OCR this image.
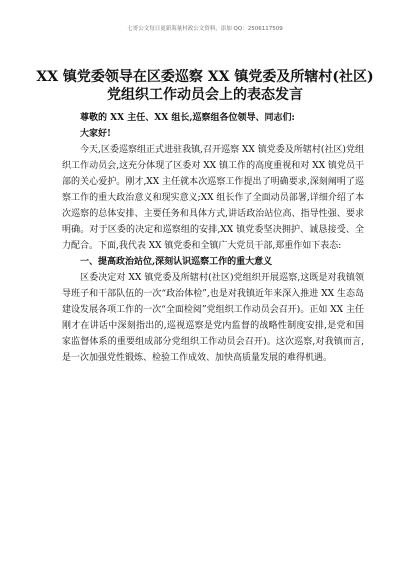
七哥公文每日更新海量村政公文资料，添加 QQ：2506117509
XX 镇党委领导在区委巡察 XX 镇党委及所辖村(社区)党组织工作动员会上的表态发言

尊敬的 XX 主任、XX 组长,巡察组各位领导、同志们:

大家好!

今天,区委巡察组正式进驻我镇,召开巡察 XX 镇党委及所辖村(社区)党组织工作动员会,这充分体现了区委对 XX 镇工作的高度重视和对 XX 镇党员干部的关心爱护。刚才,XX 主任就本次巡察工作提出了明确要求,深刻阐明了巡察工作的重大政治意义和现实意义;XX 组长作了全面动员部署,详细介绍了本次巡察的总体安排、主要任务和具体方式,讲话政治站位高、指导性强、要求明确。对于区委的决定和巡察组的安排,XX 镇党委坚决拥护、诚恳接受、全力配合。下面,我代表 XX 镇党委和全镇广大党员干部,郑重作如下表态:

一、提高政治站位,深刻认识巡察工作的重大意义

区委决定对 XX 镇党委及所辖村(社区)党组织开展巡察,这既是对我镇领导班子和干部队伍的一次“政治体检”,也是对我镇近年来深入推进 XX 生态岛建设发展各项工作的一次“全面检阅”党组织工作动员会召开)。正如 XX 主任刚才在讲话中深刻指出的,巡视巡察是党内监督的战略性制度安排,是党和国家监督体系的重要组成部分党组织工作动员会召开)。这次巡察,对我镇而言,是一次加强党性锻炼、检验工作成效、加快高质量发展的难得机遇。
